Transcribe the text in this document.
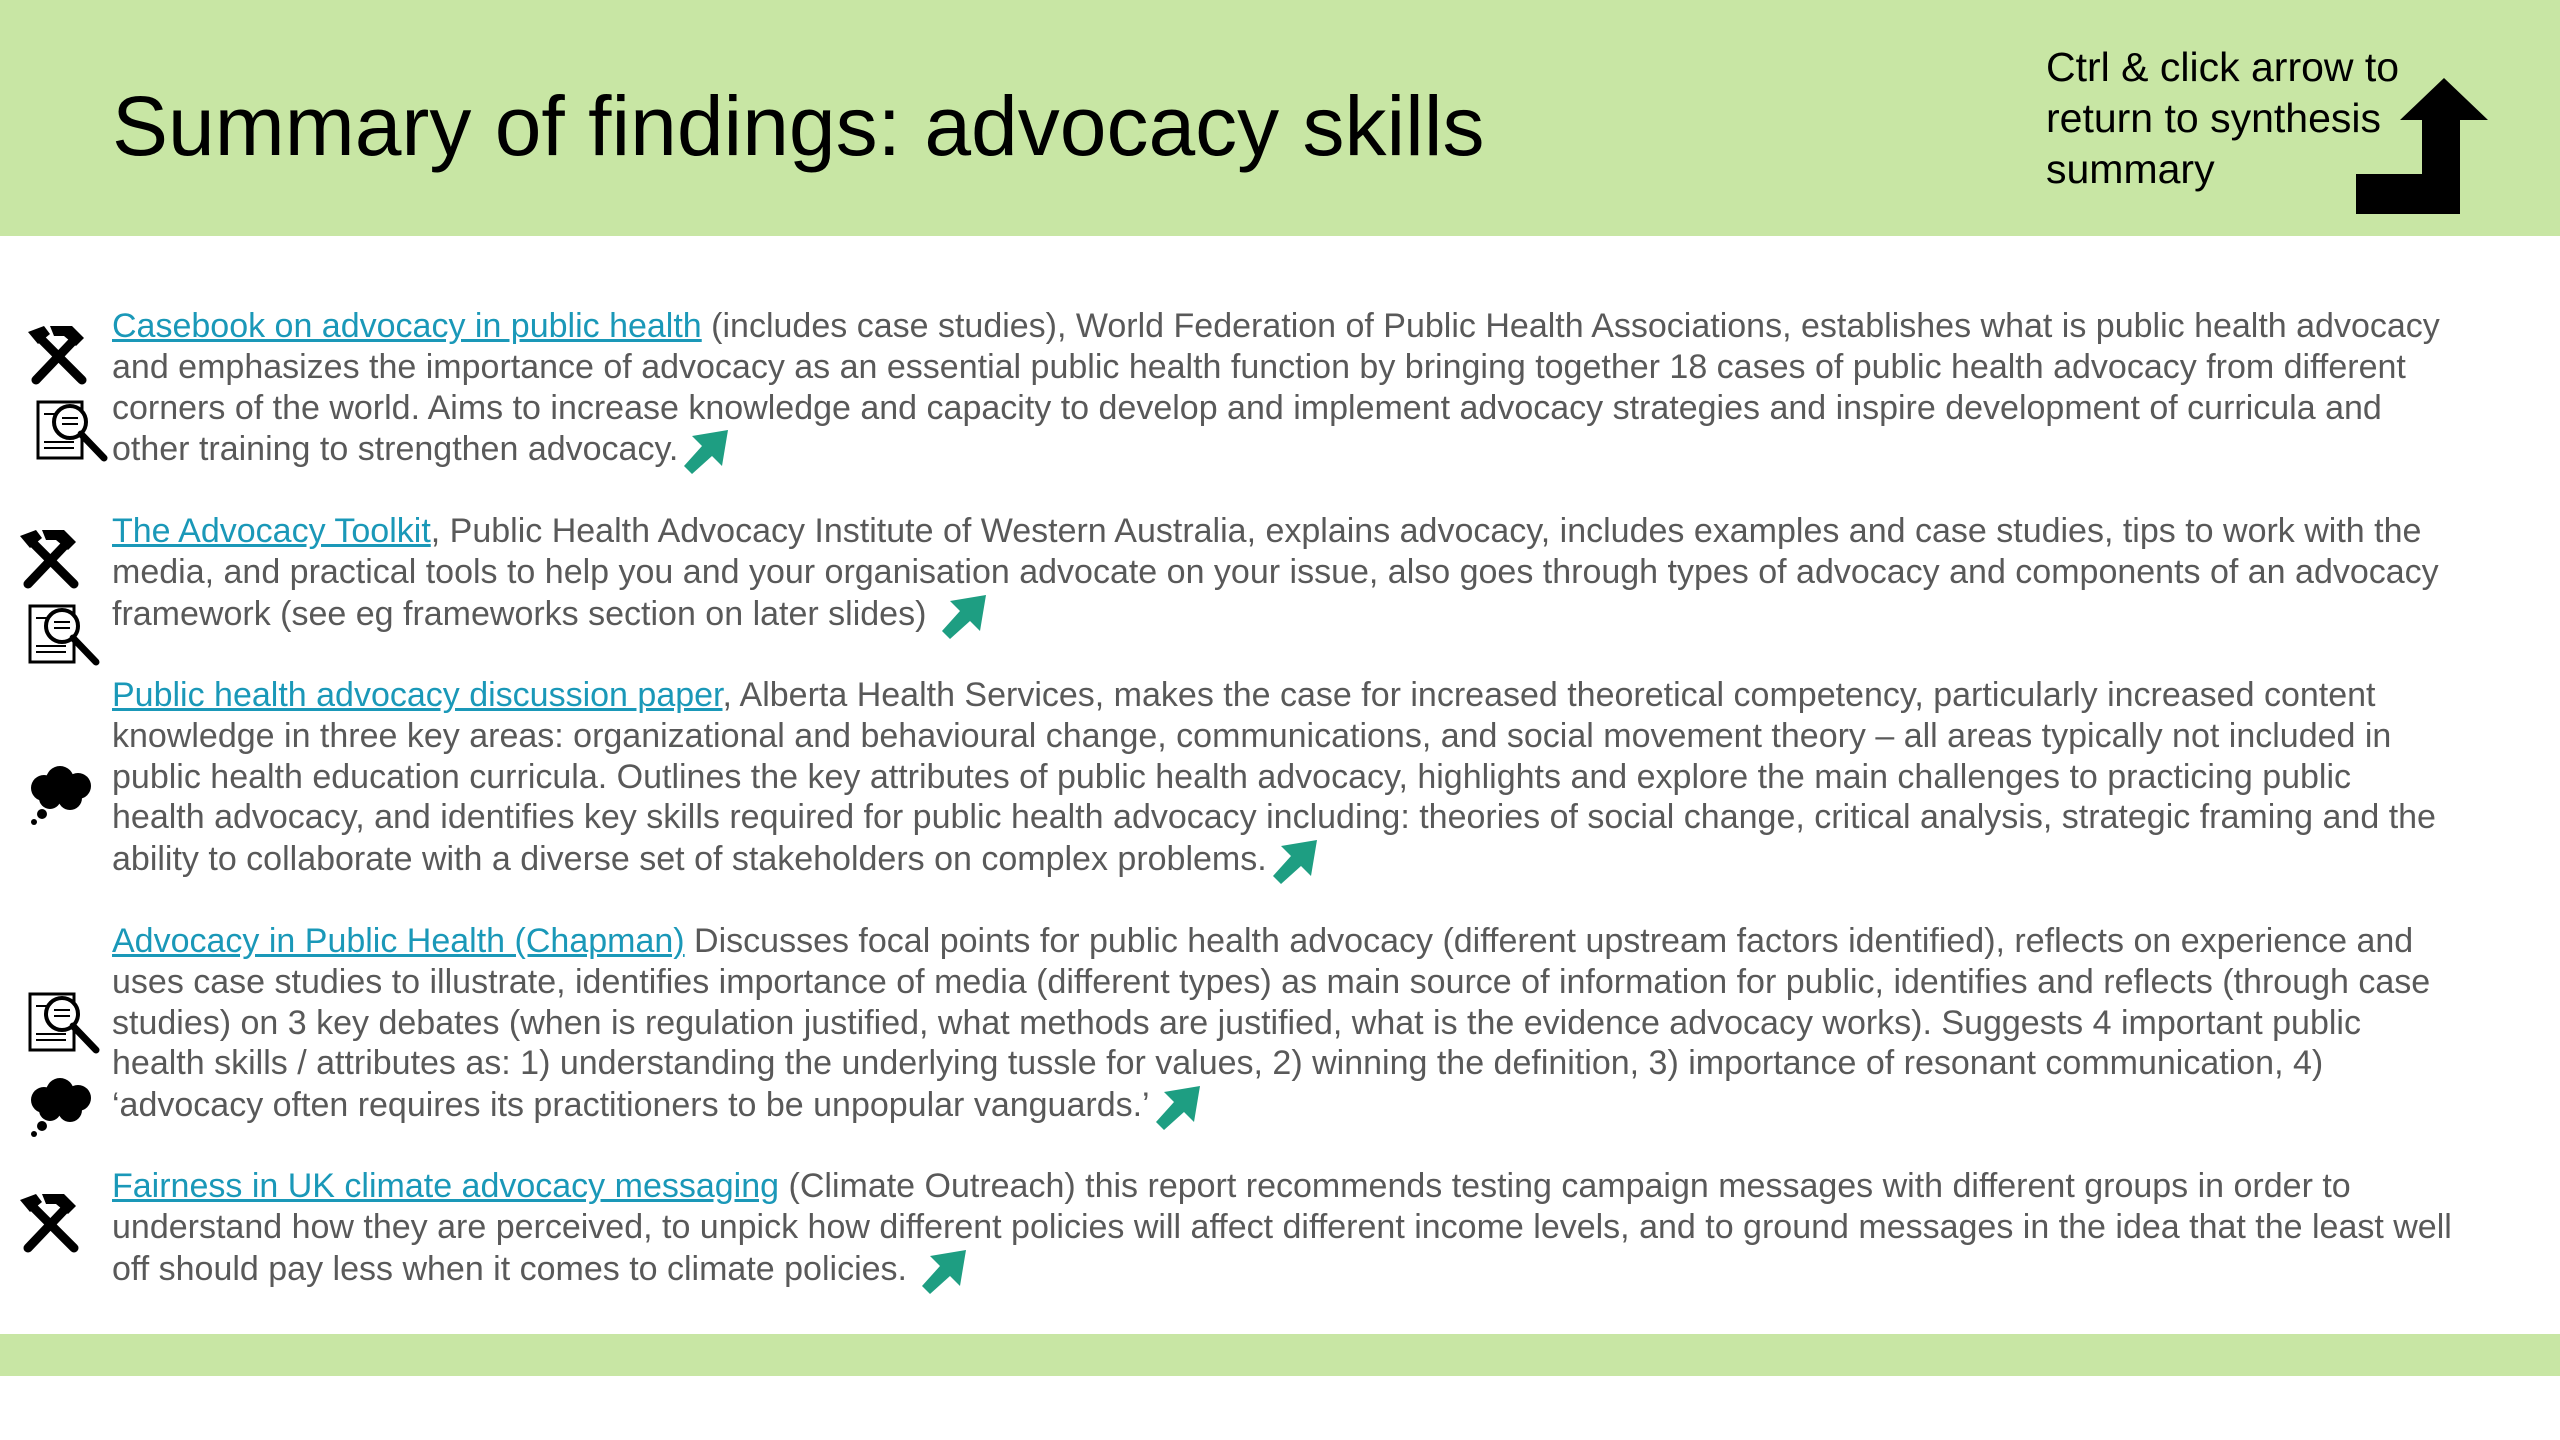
Summary of findings: advocacy skills
Ctrl & click arrow to return to synthesis summary
Casebook on advocacy in public health (includes case studies), World Federation of Public Health Associations, establishes what is public health advocacy and emphasizes the importance of advocacy as an essential public health function by bringing together 18 cases of public health advocacy from different corners of the world. Aims to increase knowledge and capacity to develop and implement advocacy strategies and inspire development of curricula and other training to strengthen advocacy.
The Advocacy Toolkit, Public Health Advocacy Institute of Western Australia, explains advocacy, includes examples and case studies, tips to work with the media, and practical tools to help you and your organisation advocate on your issue, also goes through types of advocacy and components of an advocacy framework (see eg frameworks section on later slides)
Public health advocacy discussion paper, Alberta Health Services, makes the case for increased theoretical competency, particularly increased content knowledge in three key areas: organizational and behavioural change, communications, and social movement theory – all areas typically not included in public health education curricula. Outlines the key attributes of public health advocacy, highlights and explore the main challenges to practicing public health advocacy, and identifies key skills required for public health advocacy including: theories of social change, critical analysis, strategic framing and the ability to collaborate with a diverse set of stakeholders on complex problems.
Advocacy in Public Health (Chapman) Discusses focal points for public health advocacy (different upstream factors identified), reflects on experience and uses case studies to illustrate, identifies importance of media (different types) as main source of information for public, identifies and reflects (through case studies) on 3 key debates (when is regulation justified, what methods are justified, what is the evidence advocacy works). Suggests 4 important public health skills / attributes as: 1) understanding the underlying tussle for values, 2) winning the definition, 3) importance of resonant communication, 4) ‘advocacy often requires its practitioners to be unpopular vanguards.’
Fairness in UK climate advocacy messaging (Climate Outreach) this report recommends testing campaign messages with different groups in order to understand how they are perceived, to unpick how different policies will affect different income levels, and to ground messages in the idea that the least well off should pay less when it comes to climate policies.
